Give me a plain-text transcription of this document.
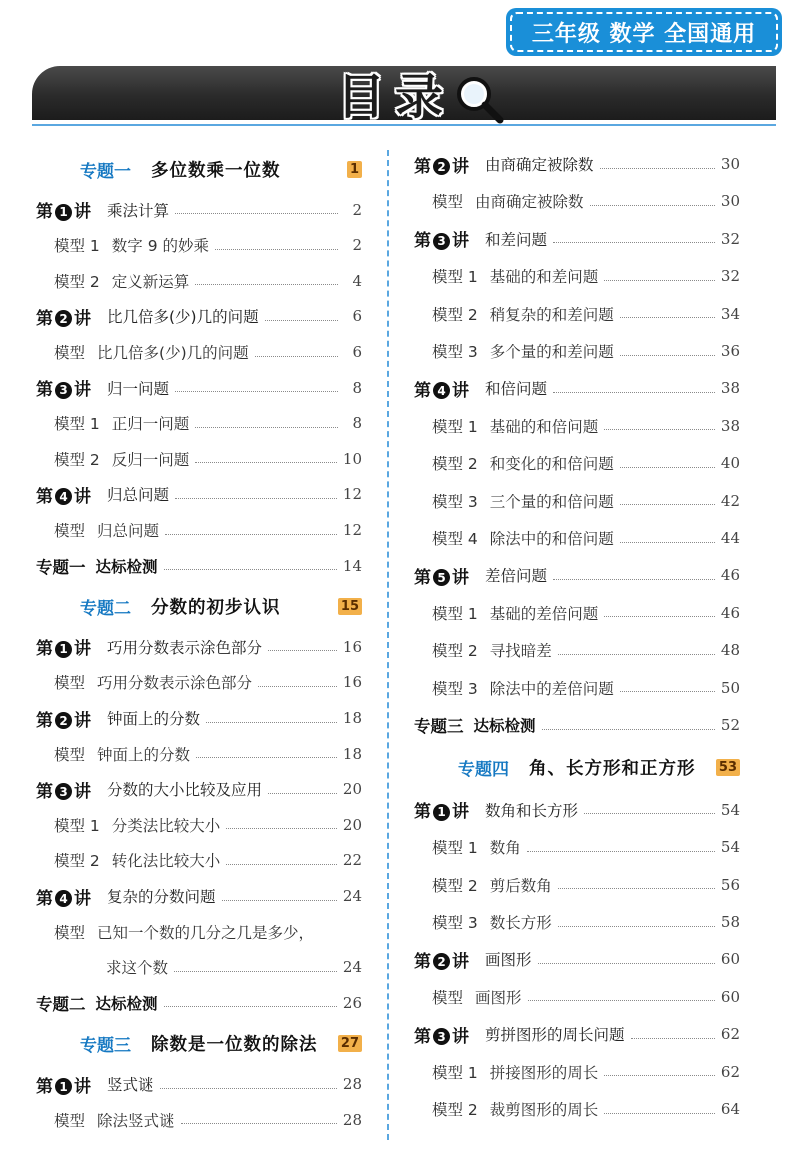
三年级 数学 全国通用
目录
专题一 多位数乘一位数	1
第 1 讲 乘法计算	2
模型 1 数字 9 的妙乘	2
模型 2 定义新运算	4
第 2 讲 比几倍多(少)几的问题	6
模型 比几倍多(少)几的问题	6
第 3 讲 归一问题	8
模型 1 正归一问题	8
模型 2 反归一问题	10
第 4 讲 归总问题	12
模型 归总问题	12
专题一 达标检测	14
专题二 分数的初步认识	15
第 1 讲 巧用分数表示涂色部分	16
模型 巧用分数表示涂色部分	16
第 2 讲 钟面上的分数	18
模型 钟面上的分数	18
第 3 讲 分数的大小比较及应用	20
模型 1 分类法比较大小	20
模型 2 转化法比较大小	22
第 4 讲 复杂的分数问题	24
模型 已知一个数的几分之几是多少，
求这个数	24
专题二 达标检测	26
专题三 除数是一位数的除法 27
第 1 讲 竖式谜	28
模型 除法竖式谜	28
第 2 讲 由商确定被除数	30
模型 由商确定被除数	30
第 3 讲 和差问题	32
模型 1 基础的和差问题	32
模型 2 稍复杂的和差问题	34
模型 3 多个量的和差问题	36
第 4 讲 和倍问题	38
模型 1 基础的和倍问题	38
模型 2 和变化的和倍问题	40
模型 3 三个量的和倍问题	42
模型 4 除法中的和倍问题	44
第 5 讲 差倍问题	46
模型 1 基础的差倍问题	46
模型 2 寻找暗差	48
模型 3 除法中的差倍问题	50
专题三 达标检测	52
专题四 角、长方形和正方形 53
第 1 讲 数角和长方形	54
模型 1 数角	54
模型 2 剪后数角	56
模型 3 数长方形	58
第 2 讲 画图形	60
模型 画图形	60
第 3 讲 剪拼图形的周长问题	62
模型 1 拼接图形的周长	62
模型 2 裁剪图形的周长	64
